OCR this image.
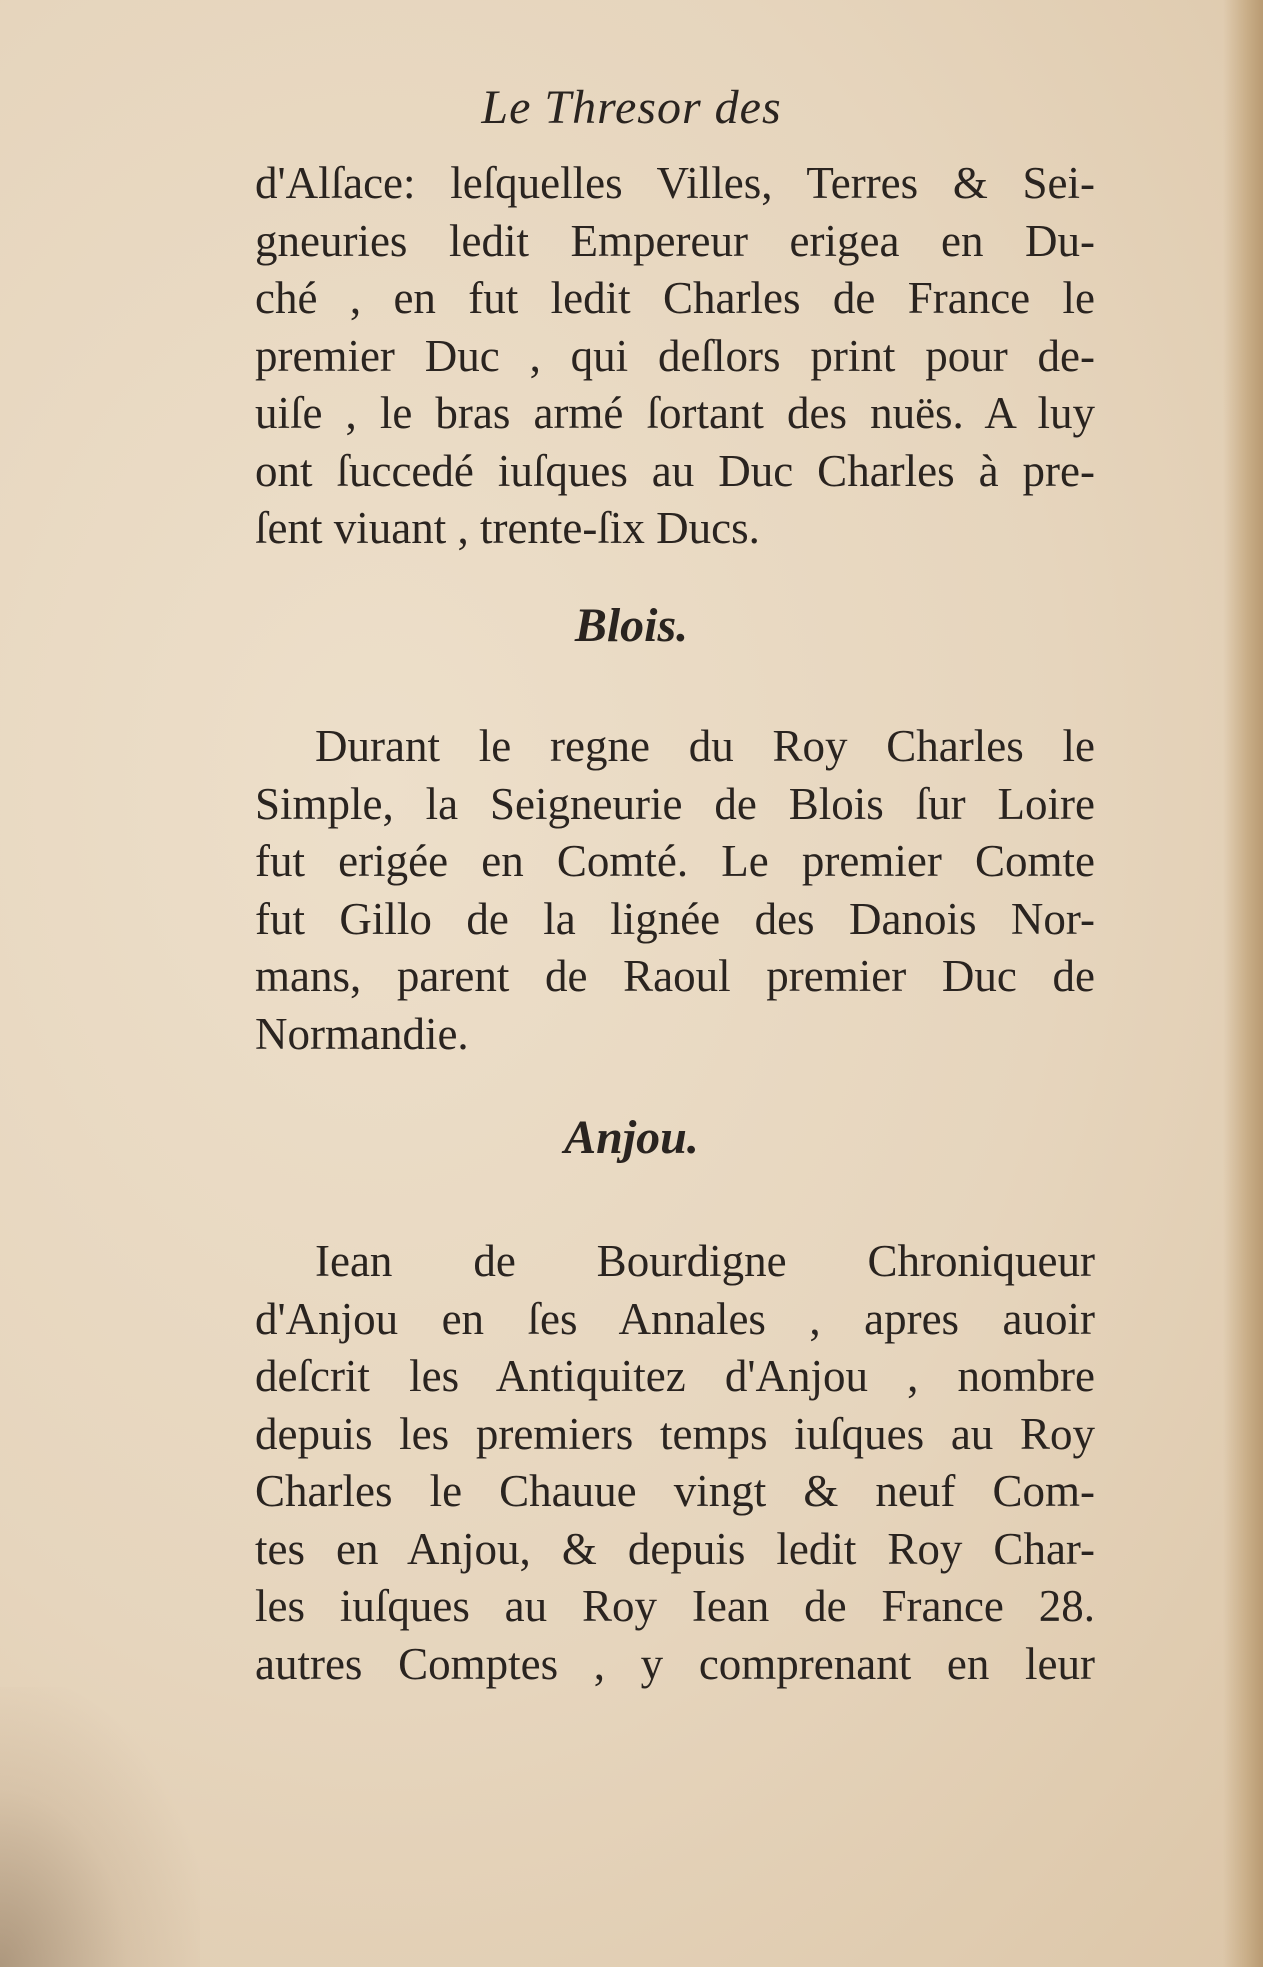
Le Thresor des
d'Alſace: leſquelles Villes, Terres & Sei-
gneuries ledit Empereur erigea en Du-
ché , en fut ledit Charles de France le
premier Duc , qui deſlors print pour de-
uiſe , le bras armé ſortant des nuës. A luy
ont ſuccedé iuſques au Duc Charles à pre-
ſent viuant , trente-ſix Ducs.
Blois.
Durant le regne du Roy Charles le
Simple, la Seigneurie de Blois ſur Loire
fut erigée en Comté. Le premier Comte
fut Gillo de la lignée des Danois Nor-
mans, parent de Raoul premier Duc de
Normandie.
Anjou.
Iean de Bourdigne Chroniqueur
d'Anjou en ſes Annales , apres auoir
deſcrit les Antiquitez d'Anjou , nombre
depuis les premiers temps iuſques au Roy
Charles le Chauue vingt & neuf Com-
tes en Anjou, & depuis ledit Roy Char-
les iuſques au Roy Iean de France 28.
autres Comptes , y comprenant en leur
